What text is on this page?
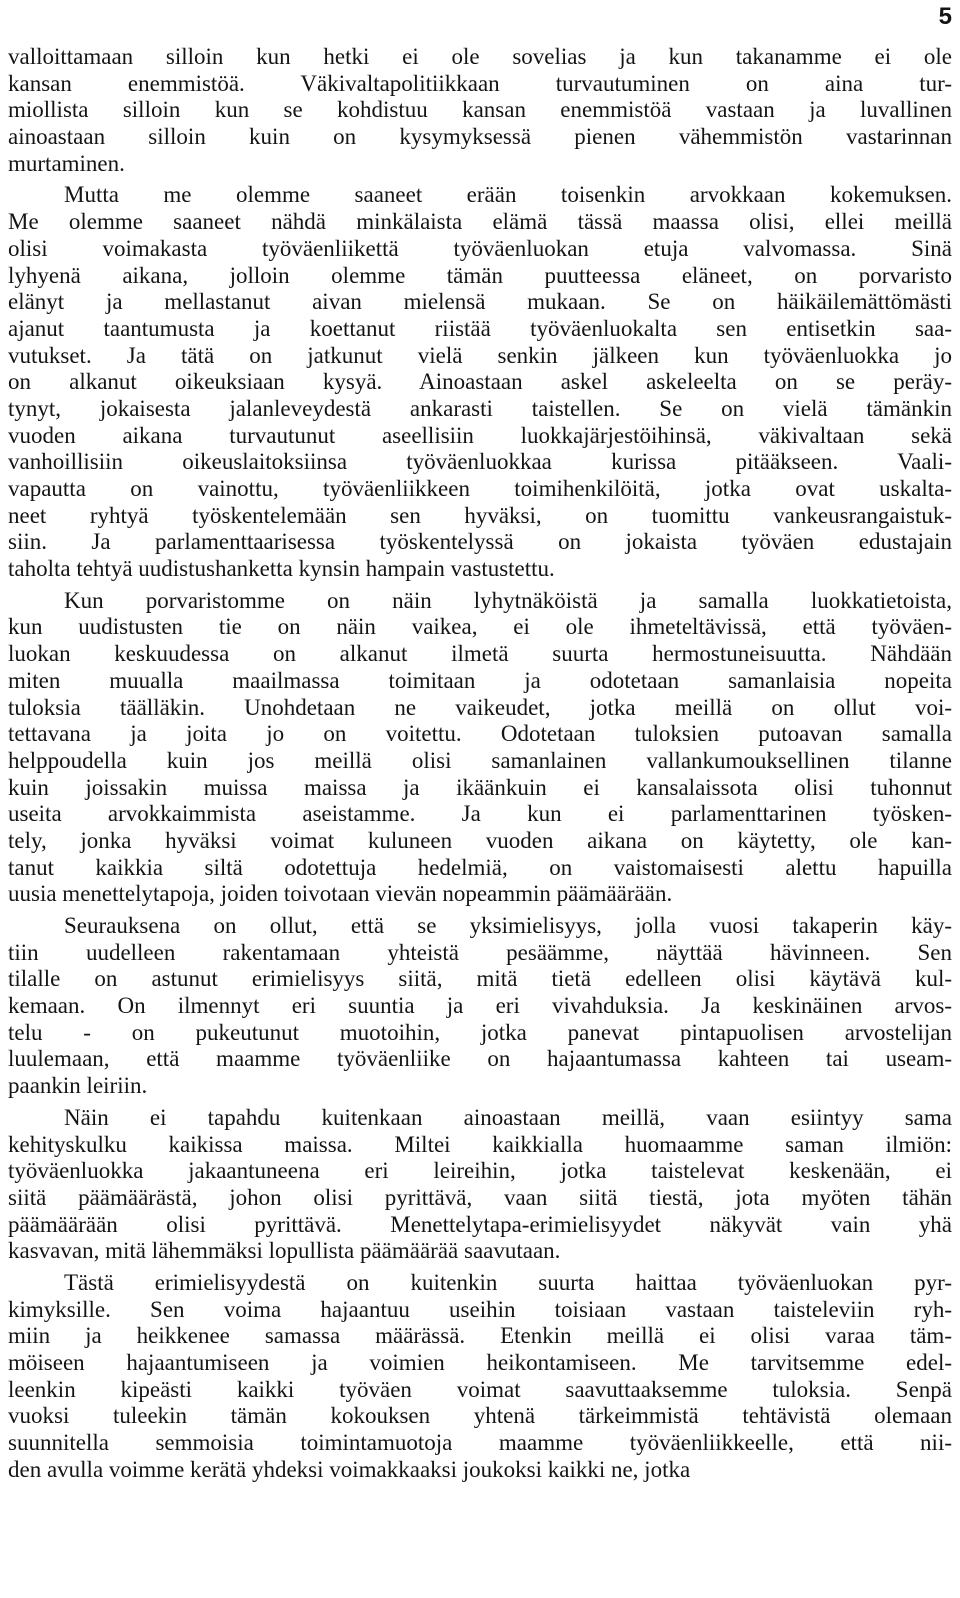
5
valloittamaan silloin kun hetki ei ole sovelias ja kun takanamme ei ole
kansan enemmistöä. Väkivaltapolitiikkaan turvautuminen on aina tur-
miollista silloin kun se kohdistuu kansan enemmistöä vastaan ja luvallinen
ainoastaan silloin kuin on kysymyksessä pienen vähemmistön vastarinnan
murtaminen.
Mutta me olemme saaneet erään toisenkin arvokkaan kokemuksen.
Me olemme saaneet nähdä minkälaista elämä tässä maassa olisi, ellei meillä
olisi voimakasta työväenliikettä työväenluokan etuja valvomassa. Sinä
lyhyenä aikana, jolloin olemme tämän puutteessa eläneet, on porvaristo
elänyt ja mellastanut aivan mielensä mukaan. Se on häikäilemättömästi
ajanut taantumusta ja koettanut riistää työväenluokalta sen entisetkin saa-
vutukset. Ja tätä on jatkunut vielä senkin jälkeen kun työväenluokka jo
on alkanut oikeuksiaan kysyä. Ainoastaan askel askeleelta on se peräy-
tynyt, jokaisesta jalanleveydestä ankarasti taistellen. Se on vielä tämänkin
vuoden aikana turvautunut aseellisiin luokkajärjestöihinsä, väkivaltaan sekä
vanhoillisiin oikeuslaitoksiinsa työväenluokkaa kurissa pitääkseen. Vaali-
vapautta on vainottu, työväenliikkeen toimihenkilöitä, jotka ovat uskalta-
neet ryhtyä työskentelemään sen hyväksi, on tuomittu vankeusrangaistuk-
siin. Ja parlamenttaarisessa työskentelyssä on jokaista työväen edustajain
taholta tehtyä uudistushanketta kynsin hampain vastustettu.
Kun porvaristomme on näin lyhytnäköistä ja samalla luokkatietoista,
kun uudistusten tie on näin vaikea, ei ole ihmeteltävissä, että työväen-
luokan keskuudessa on alkanut ilmetä suurta hermostuneisuutta. Nähdään
miten muualla maailmassa toimitaan ja odotetaan samanlaisia nopeita
tuloksia täälläkin. Unohdetaan ne vaikeudet, jotka meillä on ollut voi-
tettavana ja joita jo on voitettu. Odotetaan tuloksien putoavan samalla
helppoudella kuin jos meillä olisi samanlainen vallankumouksellinen tilanne
kuin joissakin muissa maissa ja ikäänkuin ei kansalaissota olisi tuhonnut
useita arvokkaimmista aseistamme. Ja kun ei parlamenttarinen työsken-
tely, jonka hyväksi voimat kuluneen vuoden aikana on käytetty, ole kan-
tanut kaikkia siltä odotettuja hedelmiä, on vaistomaisesti alettu hapuilla
uusia menettelytapoja, joiden toivotaan vievän nopeammin päämäärään.
Seurauksena on ollut, että se yksimielisyys, jolla vuosi takaperin käy-
tiin uudelleen rakentamaan yhteistä pesäämme, näyttää hävinneen. Sen
tilalle on astunut erimielisyys siitä, mitä tietä edelleen olisi käytävä kul-
kemaan. On ilmennyt eri suuntia ja eri vivahduksia. Ja keskinäinen arvos-
telu - on pukeutunut muotoihin, jotka panevat pintapuolisen arvostelijan
luulemaan, että maamme työväenliike on hajaantumassa kahteen tai useam-
paankin leiriin.
Näin ei tapahdu kuitenkaan ainoastaan meillä, vaan esiintyy sama
kehityskulku kaikissa maissa. Miltei kaikkialla huomaamme saman ilmiön:
työväenluokka jakaantuneena eri leireihin, jotka taistelevat keskenään, ei
siitä päämäärästä, johon olisi pyrittävä, vaan siitä tiestä, jota myöten tähän
päämäärään olisi pyrittävä. Menettelytapa-erimielisyydet näkyvät vain yhä
kasvavan, mitä lähemmäksi lopullista päämäärää saavutaan.
Tästä erimielisyydestä on kuitenkin suurta haittaa työväenluokan pyr-
kimyksille. Sen voima hajaantuu useihin toisiaan vastaan taisteleviin ryh-
miin ja heikkenee samassa määrässä. Etenkin meillä ei olisi varaa täm-
möiseen hajaantumiseen ja voimien heikontamiseen. Me tarvitsemme edel-
leenkin kipeästi kaikki työväen voimat saavuttaaksemme tuloksia. Senpä
vuoksi tuleekin tämän kokouksen yhtenä tärkeimmistä tehtävistä olemaan
suunnitella semmoisia toimintamuotoja maamme työväenliikkeelle, että nii-
den avulla voimme kerätä yhdeksi voimakkaaksi joukoksi kaikki ne, jotka
